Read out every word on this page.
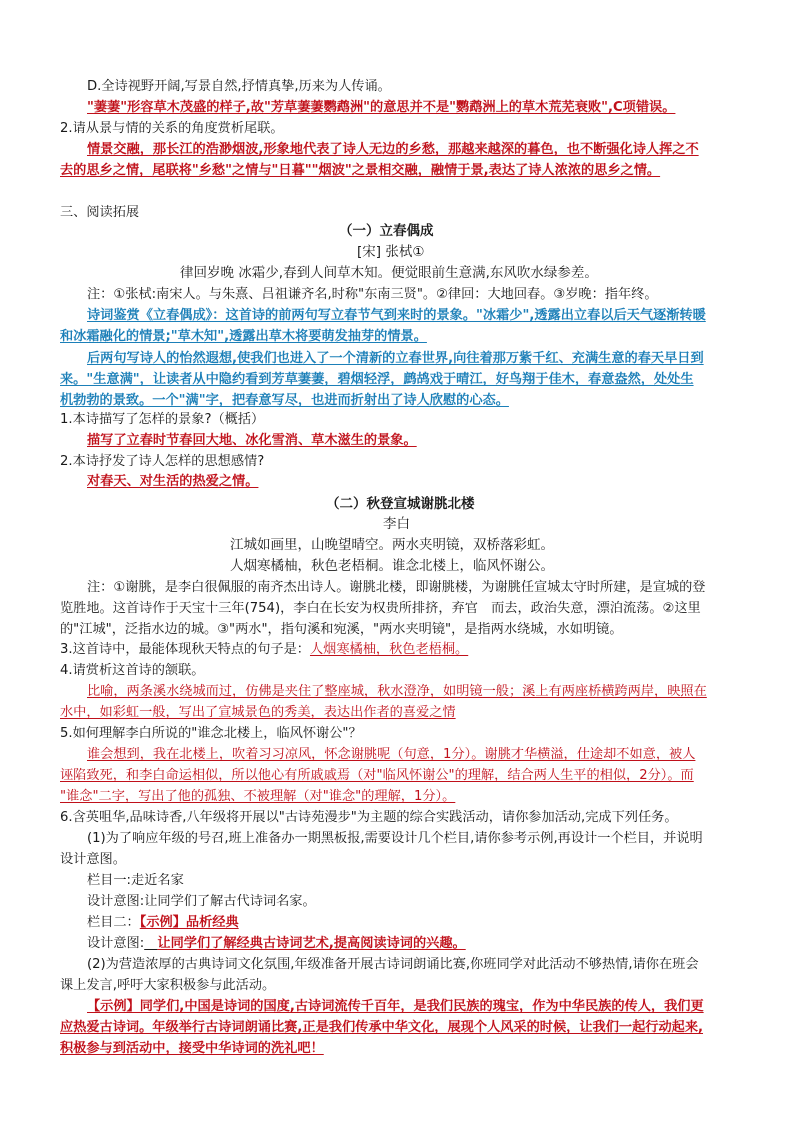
D.全诗视野开阔,写景自然,抒情真挚,历来为人传诵。
"萋萋"形容草木茂盛的样子,故"芳草萋萋鹦鹉洲"的意思并不是"鹦鹉洲上的草木荒芜衰败",C项错误。
2.请从景与情的关系的角度赏析尾联。
情景交融，那长江的浩渺烟波,形象地代表了诗人无边的乡愁，那越来越深的暮色，也不断强化诗人挥之不
去的思乡之情，尾联将"乡愁"之情与"日暮""烟波"之景相交融，融情于景,表达了诗人浓浓的思乡之情。
三、阅读拓展
（一）立春偶成
[宋] 张栻①
律回岁晚 冰霜少,春到人间草木知。便觉眼前生意满,东风吹水绿参差。
注：①张栻:南宋人。与朱熹、吕祖谦齐名,时称"东南三贤"。②律回：大地回春。③岁晚：指年终。
诗词鉴赏《立春偶成》：这首诗的前两句写立春节气到来时的景象。"冰霜少",透露出立春以后天气逐渐转暖
和冰霜融化的情景;"草木知",透露出草木将要萌发抽芽的情景。
后两句写诗人的怡然遐想,使我们也进入了一个清新的立春世界,向往着那万紫千红、充满生意的春天早日到
来。"生意满"，让读者从中隐约看到芳草萋萋，碧烟轻浮，鹧鸪戏于晴江，好鸟翔于佳木，春意盎然，处处生
机勃勃的景致。一个"满"字，把春意写尽，也进而折射出了诗人欣慰的心态。
1.本诗描写了怎样的景象?（概括）
描写了立春时节春回大地、冰化雪消、草木滋生的景象。
2.本诗抒发了诗人怎样的思想感情?
对春天、对生活的热爱之情。
（二）秋登宣城谢朓北楼
李白
江城如画里，山晚望晴空。两水夹明镜，双桥落彩虹。
人烟寒橘柚，秋色老梧桐。谁念北楼上，临风怀谢公。
注：①谢朓，是李白很佩服的南齐杰出诗人。谢朓北楼，即谢朓楼，为谢朓任宣城太守时所建，是宣城的登
览胜地。这首诗作于天宝十三年(754)，李白在长安为权贵所排挤，弃官　而去，政治失意，漂泊流荡。②这里
的"江城"，泛指水边的城。③"两水"，指句溪和宛溪，"两水夹明镜"，是指两水绕城，水如明镜。
3.这首诗中，最能体现秋天特点的句子是：人烟寒橘柚，秋色老梧桐。
4.请赏析这首诗的颔联。
比喻，两条溪水绕城而过，仿佛是夹住了整座城，秋水澄净，如明镜一般；溪上有两座桥横跨两岸，映照在
水中，如彩虹一般，写出了宣城景色的秀美，表达出作者的喜爱之情
5.如何理解李白所说的"谁念北楼上，临风怀谢公"？
谁会想到，我在北楼上，吹着习习凉风，怀念谢朓呢（句意，1分）。谢朓才华横溢，仕途却不如意，被人
诬陷致死，和李白命运相似，所以他心有所戚戚焉（对"临风怀谢公"的理解，结合两人生平的相似，2分）。而
"谁念"二字，写出了他的孤独、不被理解（对"谁念"的理解，1分）。
6.含英咀华,品味诗香,八年级将开展以"古诗苑漫步"为主题的综合实践活动，请你参加活动,完成下列任务。
(1)为了响应年级的号召,班上准备办一期黑板报,需要设计几个栏目,请你参考示例,再设计一个栏目，并说明
设计意图。
栏目一:走近名家
设计意图:让同学们了解古代诗词名家。
栏目二：【示例】品析经典
设计意图:　 让同学们了解经典古诗词艺术,提高阅读诗词的兴趣。
(2)为营造浓厚的古典诗词文化氛围,年级准备开展古诗词朗诵比赛,你班同学对此活动不够热情,请你在班会
课上发言,呼吁大家积极参与此活动。
【示例】同学们,中国是诗词的国度,古诗词流传千百年，是我们民族的瑰宝，作为中华民族的传人，我们更
应热爱古诗词。年级举行古诗词朗诵比赛,正是我们传承中华文化，展现个人风采的时候，让我们一起行动起来,
积极参与到活动中，接受中华诗词的洗礼吧！
